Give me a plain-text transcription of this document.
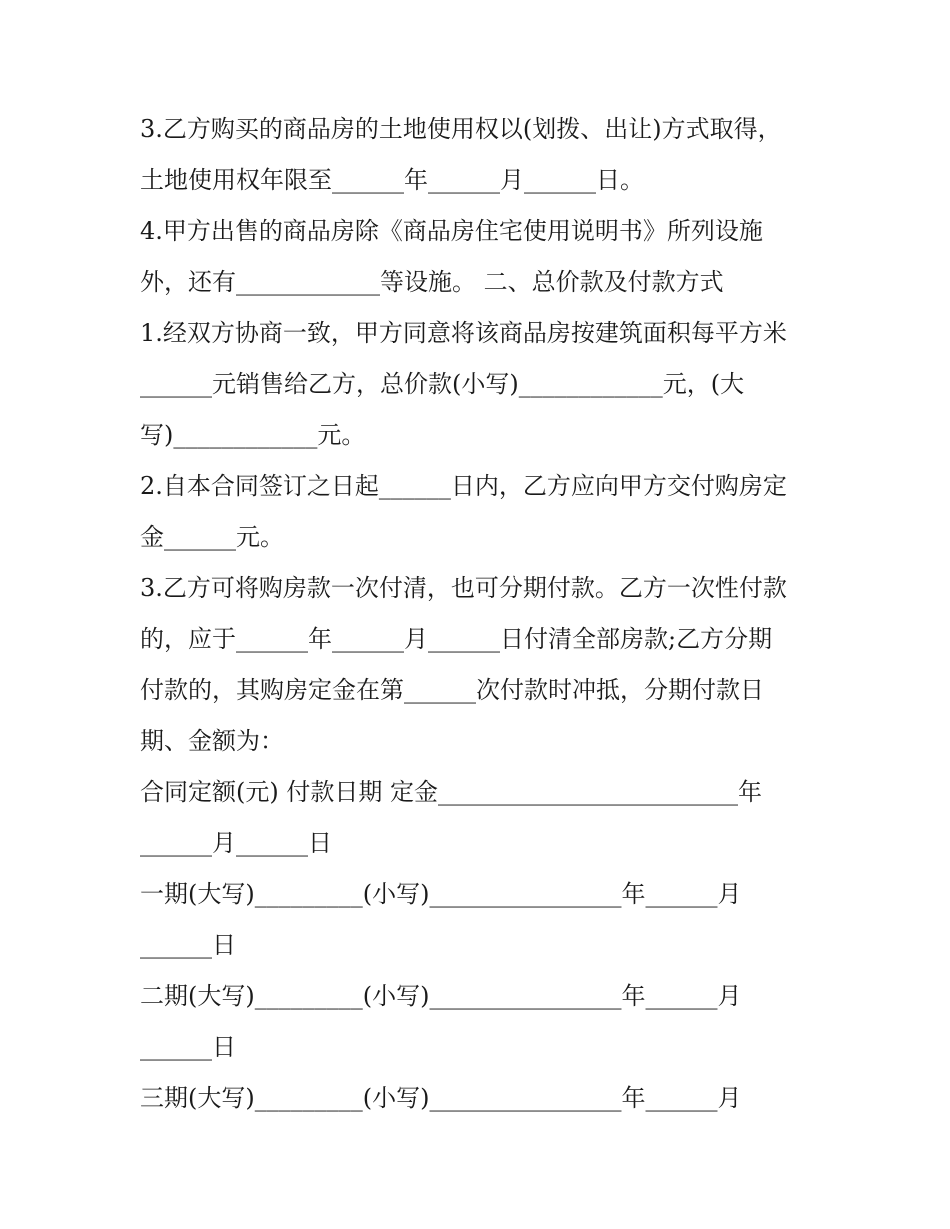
3.乙方购买的商品房的土地使用权以(划拨、出让)方式取得，
土地使用权年限至______年______月______日。
4.甲方出售的商品房除《商品房住宅使用说明书》所列设施
外，还有____________等设施。 二、总价款及付款方式
1.经双方协商一致，甲方同意将该商品房按建筑面积每平方米
______元销售给乙方，总价款(小写)____________元，(大
写)____________元。
2.自本合同签订之日起______日内，乙方应向甲方交付购房定
金______元。
3.乙方可将购房款一次付清，也可分期付款。乙方一次性付款
的，应于______年______月______日付清全部房款;乙方分期
付款的，其购房定金在第______次付款时冲抵，分期付款日
期、金额为：
合同定额(元) 付款日期 定金_________________________年
______月______日
一期(大写)_________(小写)________________年______月
______日
二期(大写)_________(小写)________________年______月
______日
三期(大写)_________(小写)________________年______月
